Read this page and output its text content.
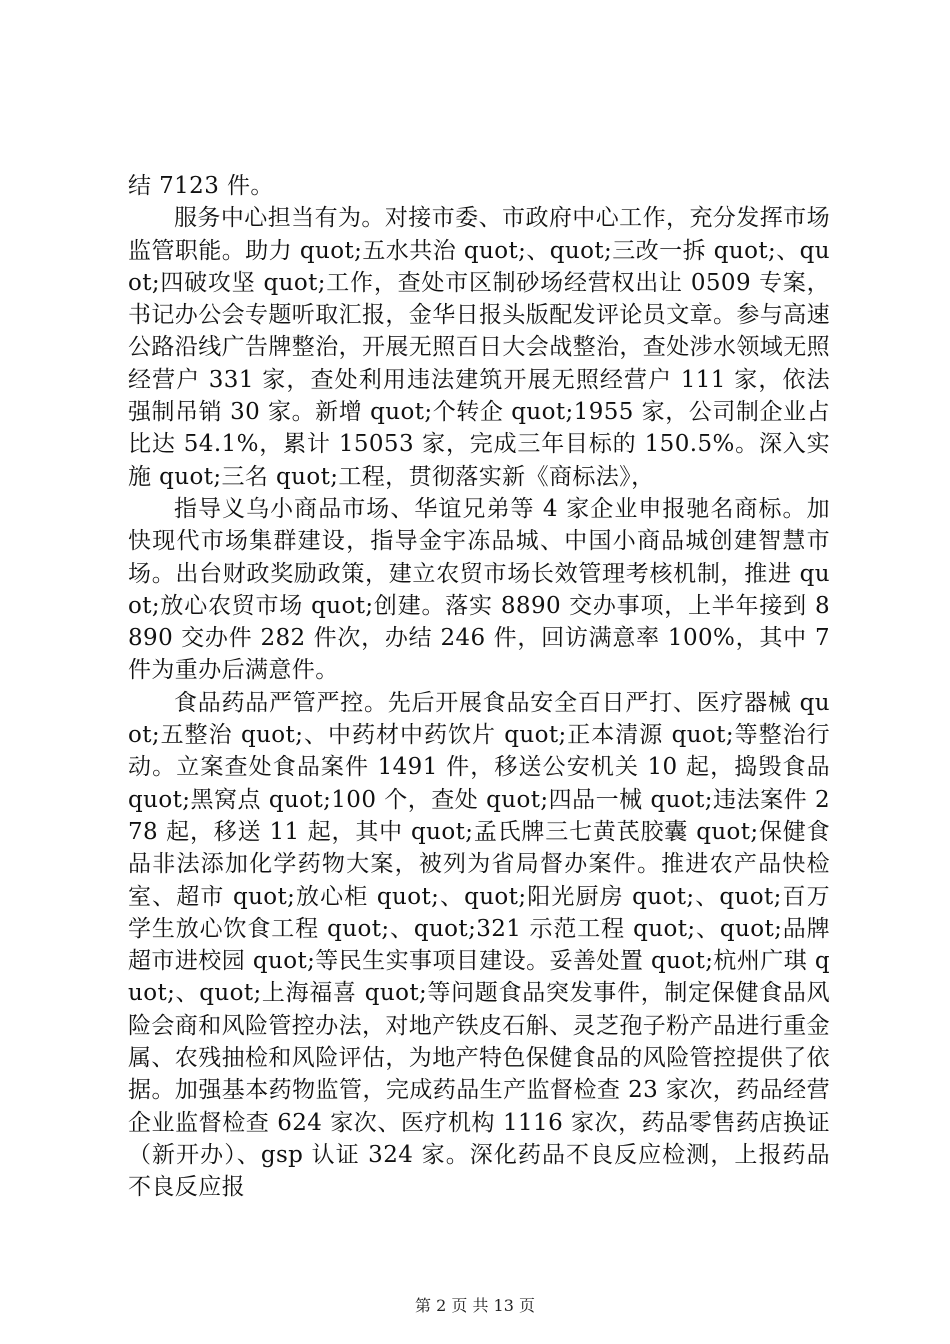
结 7123 件。

服务中心担当有为。对接市委、市政府中心工作，充分发挥市场监管职能。助力 quot;五水共治 quot;、quot;三改一拆 quot;、quot;四破攻坚 quot;工作，查处市区制砂场经营权出让 0509 专案，书记办公会专题听取汇报，金华日报头版配发评论员文章。参与高速公路沿线广告牌整治，开展无照百日大会战整治，查处涉水领域无照经营户 331 家，查处利用违法建筑开展无照经营户 111 家，依法强制吊销 30 家。新增 quot;个转企 quot;1955 家，公司制企业占比达 54.1%，累计 15053 家，完成三年目标的 150.5%。深入实施 quot;三名 quot;工程，贯彻落实新《商标法》，

指导义乌小商品市场、华谊兄弟等 4 家企业申报驰名商标。加快现代市场集群建设，指导金宇冻品城、中国小商品城创建智慧市场。出台财政奖励政策，建立农贸市场长效管理考核机制，推进 quot;放心农贸市场 quot;创建。落实 8890 交办事项，上半年接到 8890 交办件 282 件次，办结 246 件，回访满意率 100%，其中 7 件为重办后满意件。

食品药品严管严控。先后开展食品安全百日严打、医疗器械 quot;五整治 quot;、中药材中药饮片 quot;正本清源 quot;等整治行动。立案查处食品案件 1491 件，移送公安机关 10 起，捣毁食品 quot;黑窝点 quot;100 个，查处 quot;四品一械 quot;违法案件 278 起，移送 11 起，其中 quot;孟氏牌三七黄芪胶囊 quot;保健食品非法添加化学药物大案，被列为省局督办案件。推进农产品快检室、超市 quot;放心柜 quot;、quot;阳光厨房 quot;、quot;百万学生放心饮食工程 quot;、quot;321 示范工程 quot;、quot;品牌超市进校园 quot;等民生实事项目建设。妥善处置 quot;杭州广琪 quot;、quot;上海福喜 quot;等问题食品突发事件，制定保健食品风险会商和风险管控办法，对地产铁皮石斛、灵芝孢子粉产品进行重金属、农残抽检和风险评估，为地产特色保健食品的风险管控提供了依据。加强基本药物监管，完成药品生产监督检查 23 家次，药品经营企业监督检查 624 家次、医疗机构 1116 家次，药品零售药店换证（新开办）、gsp 认证 324 家。深化药品不良反应检测，上报药品不良反应报

第 2 页 共 13 页
